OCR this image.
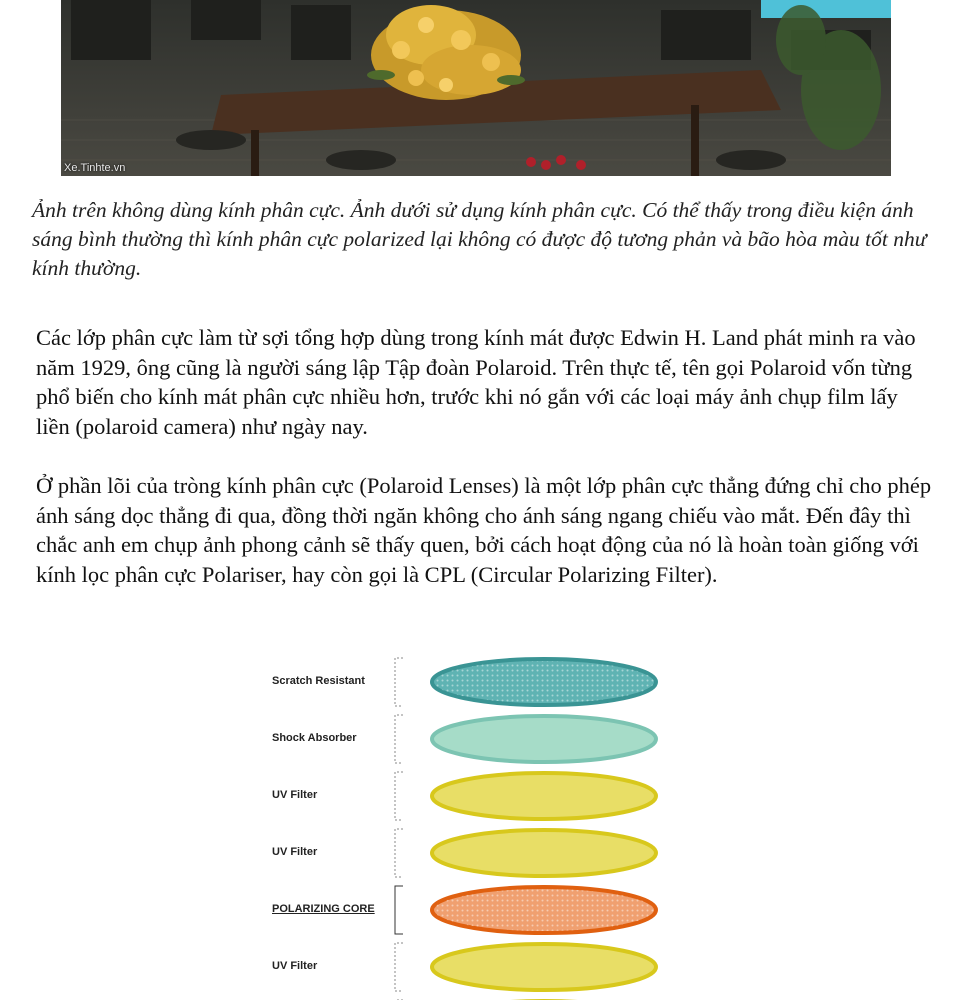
Xe.Tinhte.vn
Ảnh trên không dùng kính phân cực. Ảnh dưới sử dụng kính phân cực. Có thể thấy trong điều kiện ánh sáng bình thường thì kính phân cực polarized lại không có được độ tương phản và bão hòa màu tốt như kính thường.
Các lớp phân cực làm từ sợi tổng hợp dùng trong kính mát được Edwin H. Land phát minh ra vào năm 1929, ông cũng là người sáng lập Tập đoàn Polaroid. Trên thực tế, tên gọi Polaroid vốn từng phổ biến cho kính mát phân cực nhiều hơn, trước khi nó gắn với các loại máy ảnh chụp film lấy liền (polaroid camera) như ngày nay.
Ở phần lõi của tròng kính phân cực (Polaroid Lenses) là một lớp phân cực thẳng đứng chỉ cho phép ánh sáng dọc thẳng đi qua, đồng thời ngăn không cho ánh sáng ngang chiếu vào mắt. Đến đây thì chắc anh em chụp ảnh phong cảnh sẽ thấy quen, bởi cách hoạt động của nó là hoàn toàn giống với kính lọc phân cực Polariser, hay còn gọi là CPL (Circular Polarizing Filter).
Scratch Resistant
Shock Absorber
UV Filter
UV Filter
POLARIZING CORE
UV Filter
